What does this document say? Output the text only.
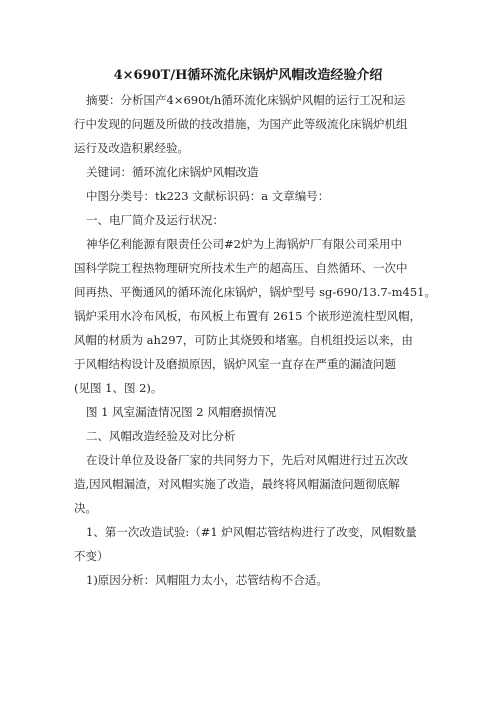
4×690T/H循环流化床锅炉风帽改造经验介绍
摘要：分析国产4×690t/h循环流化床锅炉风帽的运行工况和运
行中发现的问题及所做的技改措施，为国产此等级流化床锅炉机组
运行及改造积累经验。
关键词：循环流化床锅炉风帽改造
中图分类号：tk223 文献标识码：a 文章编号：
一、电厂简介及运行状况：
神华亿利能源有限责任公司#2炉为上海锅炉厂有限公司采用中
国科学院工程热物理研究所技术生产的超高压、自然循环、一次中
间再热、平衡通风的循环流化床锅炉，锅炉型号 sg-690/13.7-m451。
锅炉采用水冷布风板，布风板上布置有 2615 个嵌形逆流柱型风帽，
风帽的材质为 ah297，可防止其烧毁和堵塞。自机组投运以来，由
于风帽结构设计及磨损原因，锅炉风室一直存在严重的漏渣问题
(见图 1、图 2)。
图 1 风室漏渣情况图 2 风帽磨损情况
二、风帽改造经验及对比分析
在设计单位及设备厂家的共同努力下，先后对风帽进行过五次改
造,因风帽漏渣，对风帽实施了改造，最终将风帽漏渣问题彻底解
决。
1、第一次改造试验:（#1 炉风帽芯管结构进行了改变，风帽数量
不变）
1)原因分析：风帽阻力太小，芯管结构不合适。
